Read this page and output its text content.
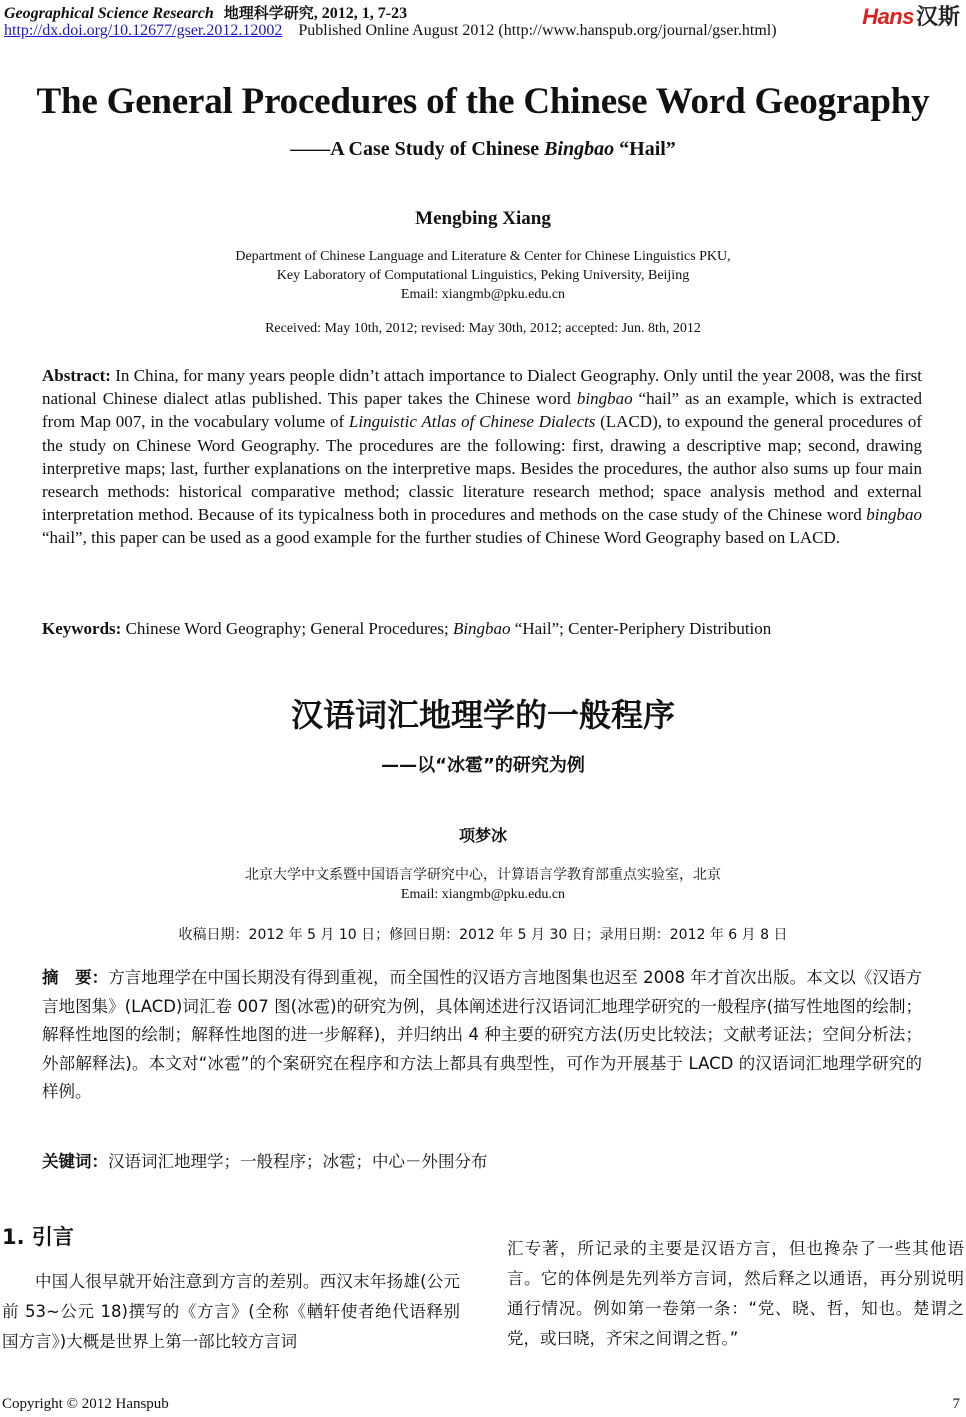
Geographical Science Research 地理科学研究, 2012, 1, 7-23
http://dx.doi.org/10.12677/gser.2012.12002 Published Online August 2012 (http://www.hanspub.org/journal/gser.html)
Hans汉斯
The General Procedures of the Chinese Word Geography
——A Case Study of Chinese Bingbao “Hail”
Mengbing Xiang
Department of Chinese Language and Literature & Center for Chinese Linguistics PKU,
Key Laboratory of Computational Linguistics, Peking University, Beijing
Email: xiangmb@pku.edu.cn
Received: May 10th, 2012; revised: May 30th, 2012; accepted: Jun. 8th, 2012
Abstract: In China, for many years people didn’t attach importance to Dialect Geography. Only until the year 2008, was the first national Chinese dialect atlas published. This paper takes the Chinese word bingbao “hail” as an example, which is extracted from Map 007, in the vocabulary volume of Linguistic Atlas of Chinese Dialects (LACD), to expound the general procedures of the study on Chinese Word Geography. The procedures are the following: first, drawing a descriptive map; second, drawing interpretive maps; last, further explanations on the interpretive maps. Besides the procedures, the author also sums up four main research methods: historical comparative method; classic literature research method; space analysis method and external interpretation method. Because of its typicalness both in procedures and methods on the case study of the Chinese word bingbao “hail”, this paper can be used as a good example for the further studies of Chinese Word Geography based on LACD.
Keywords: Chinese Word Geography; General Procedures; Bingbao “Hail”; Center-Periphery Distribution
汉语词汇地理学的一般程序
——以“冰雹”的研究为例
项梦冰
北京大学中文系暨中国语言学研究中心，计算语言学教育部重点实验室，北京
Email: xiangmb@pku.edu.cn
收稿日期：2012 年 5 月 10 日；修回日期：2012 年 5 月 30 日；录用日期：2012 年 6 月 8 日
摘　要：方言地理学在中国长期没有得到重视，而全国性的汉语方言地图集也迟至 2008 年才首次出版。本文以《汉语方言地图集》(LACD)词汇卷 007 图(冰雹)的研究为例，具体阐述进行汉语词汇地理学研究的一般程序(描写性地图的绘制；解释性地图的绘制；解释性地图的进一步解释)，并归纳出 4 种主要的研究方法(历史比较法；文献考证法；空间分析法；外部解释法)。本文对“冰雹”的个案研究在程序和方法上都具有典型性，可作为开展基于 LACD 的汉语词汇地理学研究的样例。
关键词：汉语词汇地理学；一般程序；冰雹；中心－外围分布
1. 引言
中国人很早就开始注意到方言的差别。西汉末年扬雄(公元前 53~公元 18)撰写的《方言》(全称《輶轩使者绝代语释别国方言》)大概是世界上第一部比较方言词
汇专著，所记录的主要是汉语方言，但也搀杂了一些其他语言。它的体例是先列举方言词，然后释之以通语，再分别说明通行情况。例如第一卷第一条：“党、晓、哲，知也。楚谓之党，或曰晓，齐宋之间谓之哲。”
Copyright © 2012 Hanspub	7
